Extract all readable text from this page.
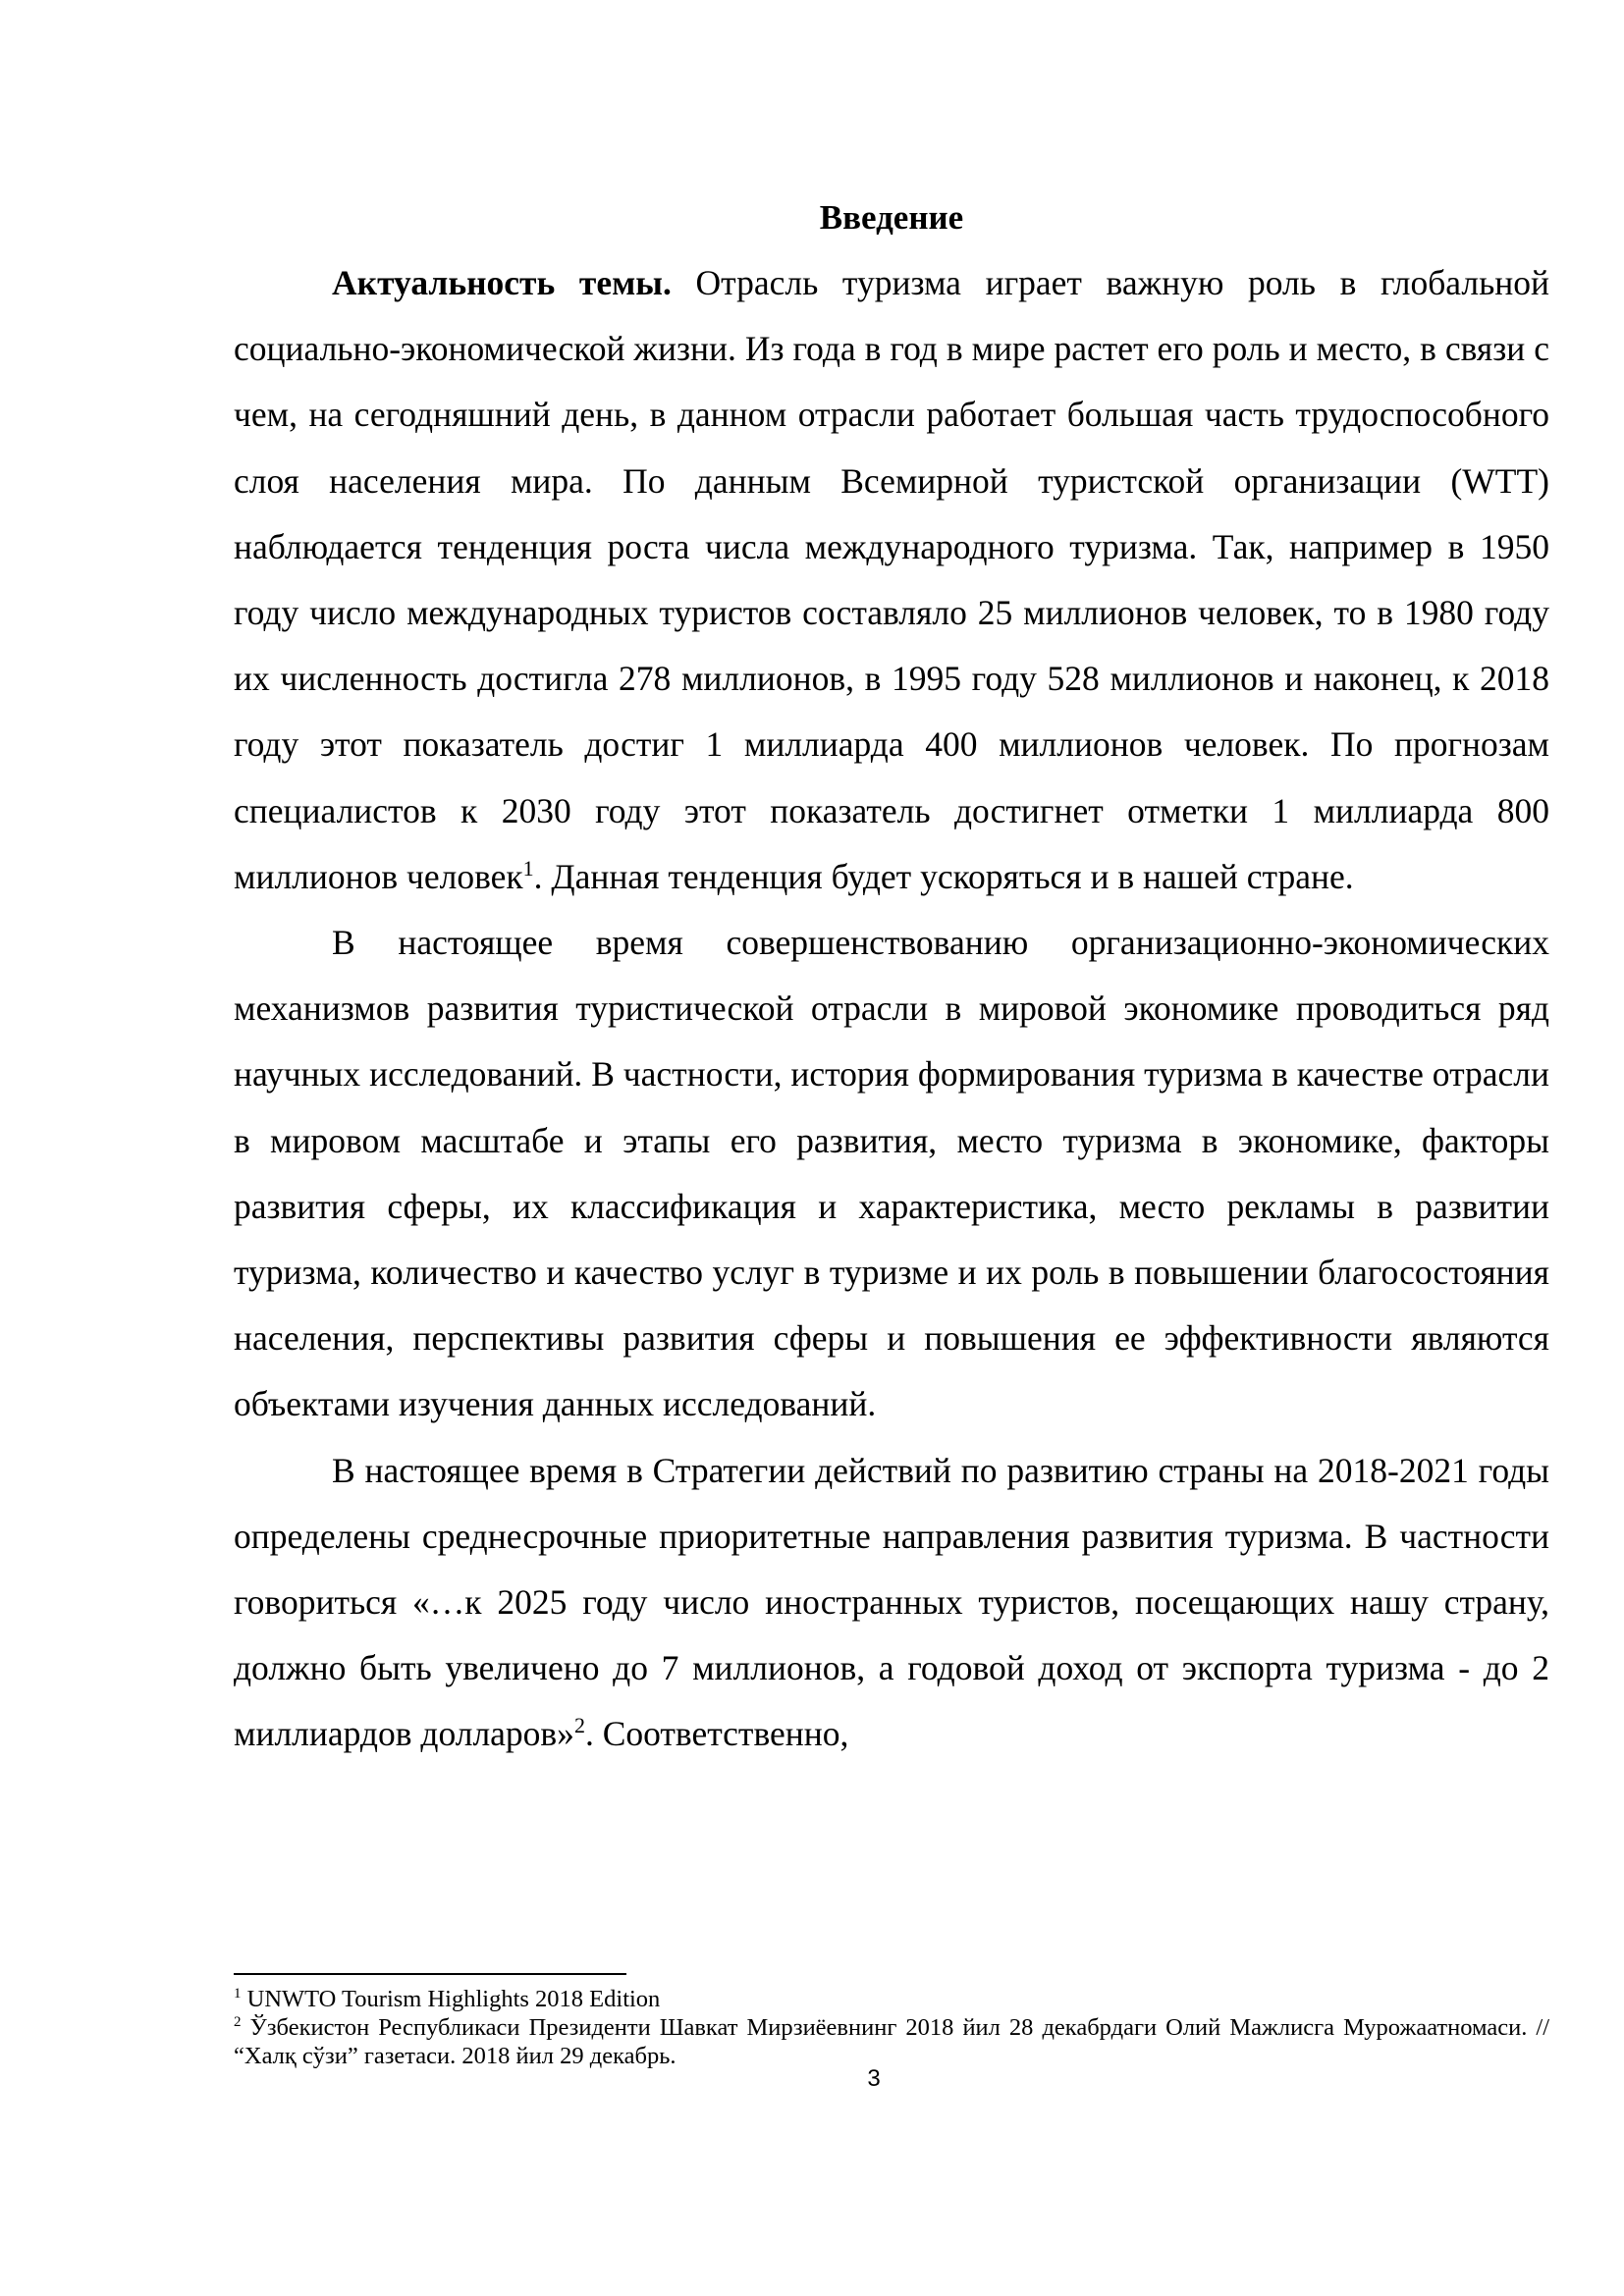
Введение

Актуальность темы. Отрасль туризма играет важную роль в глобальной социально-экономической жизни. Из года в год в мире растет его роль и место, в связи с чем, на сегодняшний день, в данном отрасли работает большая часть трудоспособного слоя населения мира. По данным Всемирной туристской организации (WTT) наблюдается тенденция роста числа международного туризма. Так, например в 1950 году число международных туристов составляло 25 миллионов человек, то в 1980 году их численность достигла 278 миллионов, в 1995 году 528 миллионов и наконец, к 2018 году этот показатель достиг 1 миллиарда 400 миллионов человек. По прогнозам специалистов к 2030 году этот показатель достигнет отметки 1 миллиарда 800 миллионов человек$^1$. Данная тенденция будет ускоряться и в нашей стране.

В настоящее время совершенствованию организационно-экономических механизмов развития туристической отрасли в мировой экономике проводиться ряд научных исследований. В частности, история формирования туризма в качестве отрасли в мировом масштабе и этапы его развития, место туризма в экономике, факторы развития сферы, их классификация и характеристика, место рекламы в развитии туризма, количество и качество услуг в туризме и их роль в повышении благосостояния населения, перспективы развития сферы и повышения ее эффективности являются объектами изучения данных исследований.

В настоящее время в Стратегии действий по развитию страны на 2018-2021 годы определены среднесрочные приоритетные направления развития туризма. В частности говориться «…к 2025 году число иностранных туристов, посещающих нашу страну, должно быть увеличено до 7 миллионов, а годовой доход от экспорта туризма - до 2 миллиардов долларов»$^2$. Соответственно,

$^1$ UNWTO Tourism Highlights 2018 Edition

$^2$ Ўзбекистон Республикаси Президенти Шавкат Мирзиёевнинг 2018 йил 28 декабрдаги Олий Мажлисга Мурожаатномаси. // “Халқ сўзи” газетаси. 2018 йил 29 декабрь.

3
